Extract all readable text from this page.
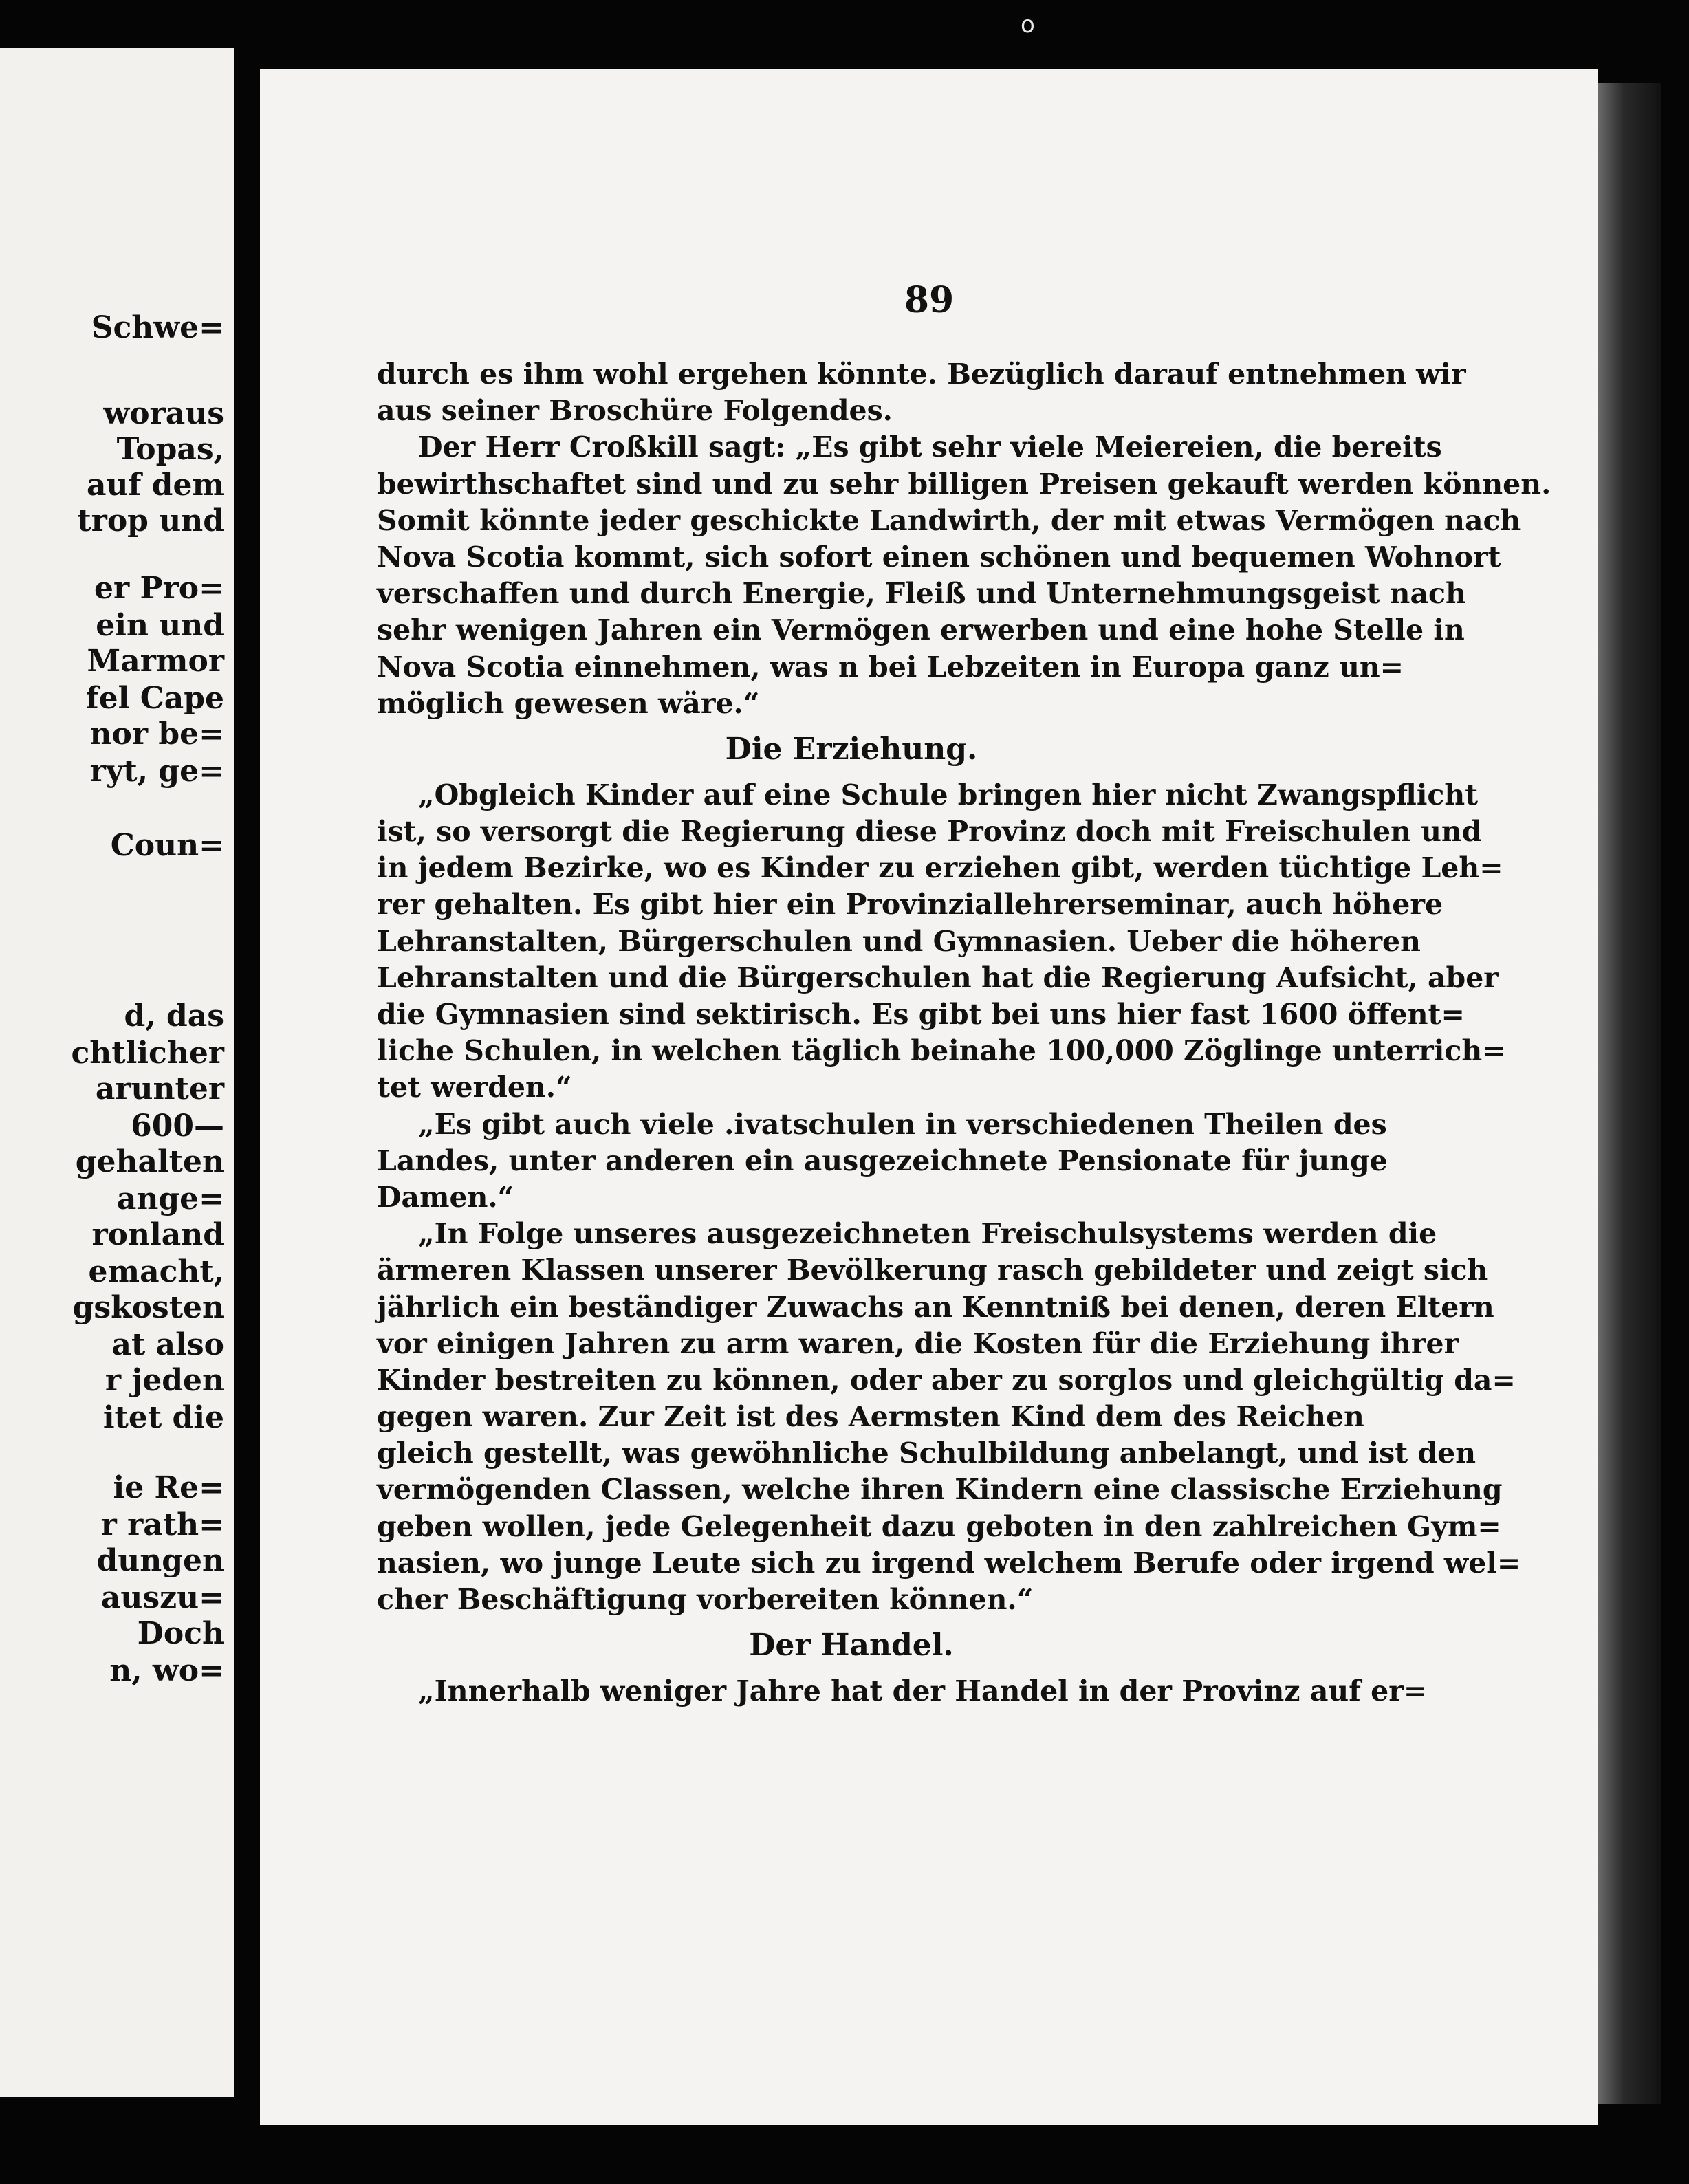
o
Schwe=
woraus
Topas,
auf dem
trop und
er Pro=
ein und
Marmor
fel Cape
nor be=
ryt, ge=
Coun=
d, das
chtlicher
arunter
600—
gehalten
ange=
ronland
emacht,
gskosten
at also
r jeden
itet die
ie Re=
r rath=
dungen
auszu=
Doch
n, wo=
89
durch es ihm wohl ergehen könnte. Bezüglich darauf entnehmen wir
aus seiner Broschüre Folgendes.
Der Herr Croßkill sagt: „Es gibt sehr viele Meiereien, die bereits
bewirthschaftet sind und zu sehr billigen Preisen gekauft werden können.
Somit könnte jeder geschickte Landwirth, der mit etwas Vermögen nach
Nova Scotia kommt, sich sofort einen schönen und bequemen Wohnort
verschaffen und durch Energie, Fleiß und Unternehmungsgeist nach
sehr wenigen Jahren ein Vermögen erwerben und eine hohe Stelle in
Nova Scotia einnehmen, was n bei Lebzeiten in Europa ganz un=
möglich gewesen wäre.“
Die Erziehung.
„Obgleich Kinder auf eine Schule bringen hier nicht Zwangspflicht
ist, so versorgt die Regierung diese Provinz doch mit Freischulen und
in jedem Bezirke, wo es Kinder zu erziehen gibt, werden tüchtige Leh=
rer gehalten. Es gibt hier ein Provinziallehrerseminar, auch höhere
Lehranstalten, Bürgerschulen und Gymnasien. Ueber die höheren
Lehranstalten und die Bürgerschulen hat die Regierung Aufsicht, aber
die Gymnasien sind sektirisch. Es gibt bei uns hier fast 1600 öffent=
liche Schulen, in welchen täglich beinahe 100,000 Zöglinge unterrich=
tet werden.“
„Es gibt auch viele .ivatschulen in verschiedenen Theilen des
Landes, unter anderen ein ausgezeichnete Pensionate für junge
Damen.“
„In Folge unseres ausgezeichneten Freischulsystems werden die
ärmeren Klassen unserer Bevölkerung rasch gebildeter und zeigt sich
jährlich ein beständiger Zuwachs an Kenntniß bei denen, deren Eltern
vor einigen Jahren zu arm waren, die Kosten für die Erziehung ihrer
Kinder bestreiten zu können, oder aber zu sorglos und gleichgültig da=
gegen waren. Zur Zeit ist des Aermsten Kind dem des Reichen
gleich gestellt, was gewöhnliche Schulbildung anbelangt, und ist den
vermögenden Classen, welche ihren Kindern eine classische Erziehung
geben wollen, jede Gelegenheit dazu geboten in den zahlreichen Gym=
nasien, wo junge Leute sich zu irgend welchem Berufe oder irgend wel=
cher Beschäftigung vorbereiten können.“
Der Handel.
„Innerhalb weniger Jahre hat der Handel in der Provinz auf er=
